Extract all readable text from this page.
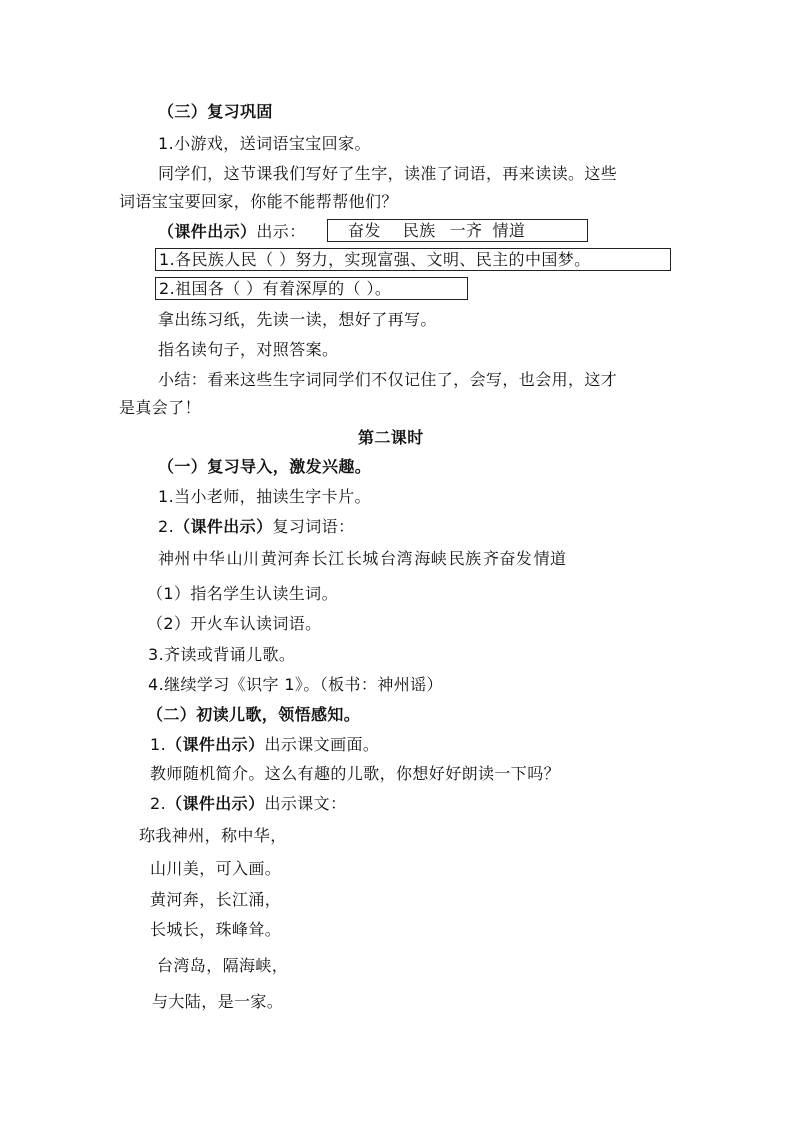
（三）复习巩固
1.小游戏，送词语宝宝回家。
同学们，这节课我们写好了生字，读准了词语，再来读读。这些
词语宝宝要回家，你能不能帮帮他们？
（课件出示）出示：	奋发 民族 一齐 情道
1.各民族人民（ ）努力，实现富强、文明、民主的中国梦。
2.祖国各（ ）有着深厚的（ ）。
拿出练习纸，先读一读，想好了再写。
指名读句子，对照答案。
小结：看来这些生字词同学们不仅记住了，会写，也会用，这才
是真会了！
第二课时
（一）复习导入，激发兴趣。
1.当小老师，抽读生字卡片。
2.（课件出示）复习词语：
神州 中华 山川 黄河奔 长江 长城 台湾 海峡 民族 齐奋发 情道
（1）指名学生认读生词。
（2）开火车认读词语。
3.齐读或背诵儿歌。
4.继续学习《识字 1》。（板书：神州谣）
（二）初读儿歌，领悟感知。
1.（课件出示）出示课文画面。
教师随机简介。这么有趣的儿歌，你想好好朗读一下吗？
2.（课件出示）出示课文：
珎我神州，称中华，
山川美，可入画。
黄河奔，长江涌，
长城长，珠峰耸。
台湾岛，隔海峡，
与大陆，是一家。
